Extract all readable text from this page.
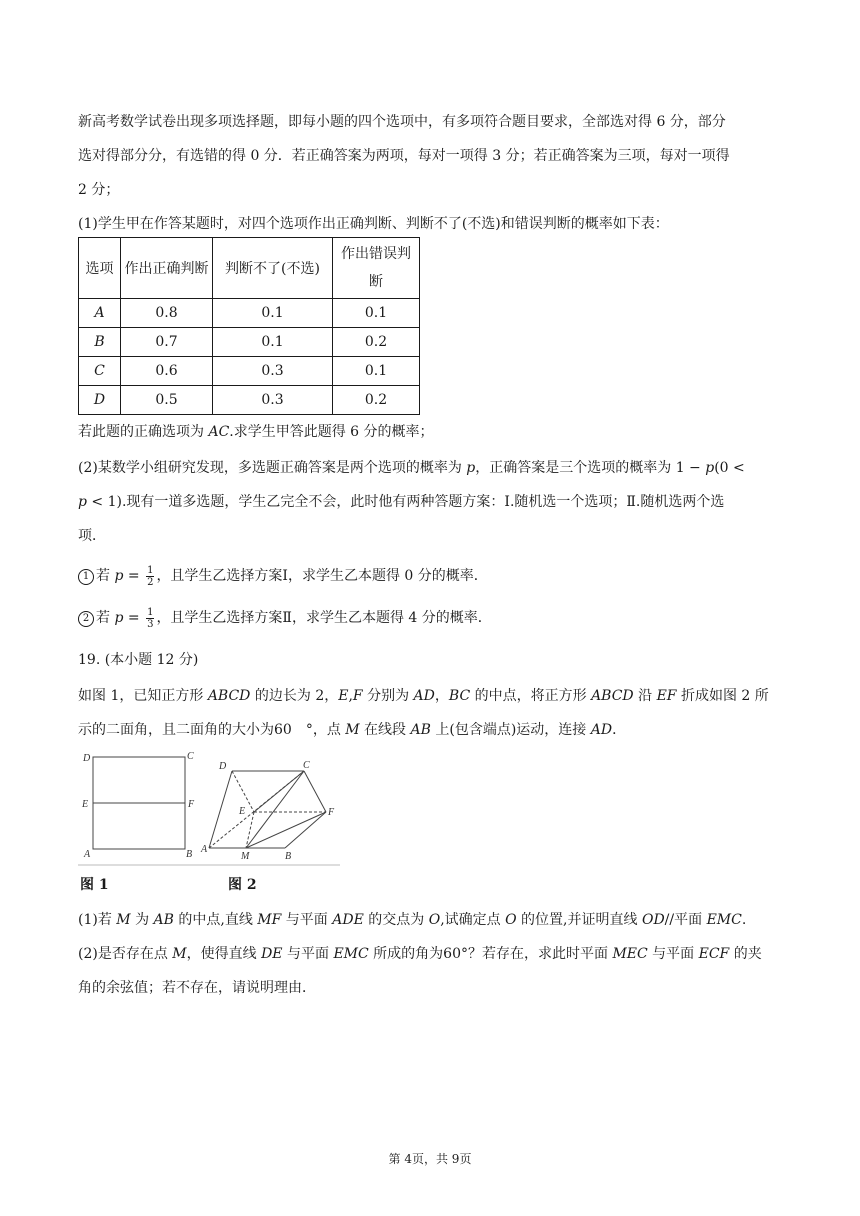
新高考数学试卷出现多项选择题，即每小题的四个选项中，有多项符合题目要求，全部选对得 6 分，部分
选对得部分分，有选错的得 0 分．若正确答案为两项，每对一项得 3 分；若正确答案为三项，每对一项得
2 分；
(1)学生甲在作答某题时，对四个选项作出正确判断、判断不了(不选)和错误判断的概率如下表：
选项	作出正确判断	判断不了(不选)	作出错误判
断
A	0.8	0.1	0.1
B	0.7	0.1	0.2
C	0.6	0.3	0.1
D	0.5	0.3	0.2
若此题的正确选项为 AC.求学生甲答此题得 6 分的概率；
(2)某数学小组研究发现，多选题正确答案是两个选项的概率为 p，正确答案是三个选项的概率为 1 − p(0 <
p < 1).现有一道多选题，学生乙完全不会，此时他有两种答题方案：Ⅰ.随机选一个选项；Ⅱ.随机选两个选
项．
1 若 $p = \frac{1}{2}$ ，且学生乙选择方案Ⅰ，求学生乙本题得 0 分的概率．
2 若 $p = \frac{1}{3}$ ，且学生乙选择方案Ⅱ，求学生乙本题得 4 分的概率．
19. (本小题 12 分)
如图 1，已知正方形 ABCD 的边长为 2，E,F 分别为 AD，BC 的中点，将正方形 ABCD 沿 EF 折成如图 2 所
示的二面角，且二面角的大小为60　°，点 M 在线段 AB 上(包含端点)运动，连接 AD．
D	C
E	F
A	B
D	C
E	F
A
M	B
图 1	图 2
(1)若 M 为 AB 的中点,直线 MF 与平面 ADE 的交点为 O,试确定点 O 的位置,并证明直线 OD//平面 EMC.
(2)是否存在点 M，使得直线 DE 与平面 EMC 所成的角为60°？若存在，求此时平面 MEC 与平面 ECF 的夹
角的余弦值；若不存在，请说明理由．
第 4页，共 9页
